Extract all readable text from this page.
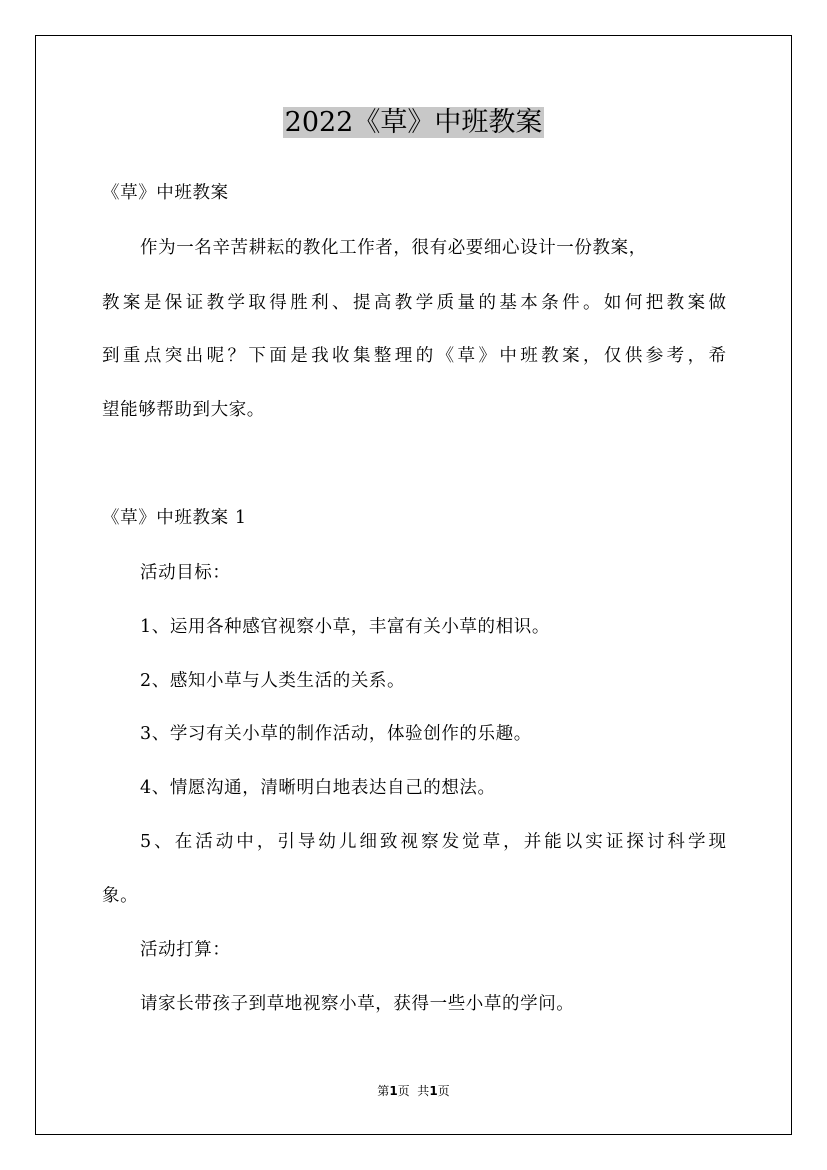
2022《草》中班教案
《草》中班教案
作为一名辛苦耕耘的教化工作者，很有必要细心设计一份教案，
教案是保证教学取得胜利、提高教学质量的基本条件。如何把教案做
到重点突出呢？下面是我收集整理的《草》中班教案，仅供参考，希
望能够帮助到大家。
《草》中班教案 1
活动目标：
1、运用各种感官视察小草，丰富有关小草的相识。
2、感知小草与人类生活的关系。
3、学习有关小草的制作活动，体验创作的乐趣。
4、情愿沟通，清晰明白地表达自己的想法。
5、在活动中，引导幼儿细致视察发觉草，并能以实证探讨科学现
象。
活动打算：
请家长带孩子到草地视察小草，获得一些小草的学问。
第1页  共1页
